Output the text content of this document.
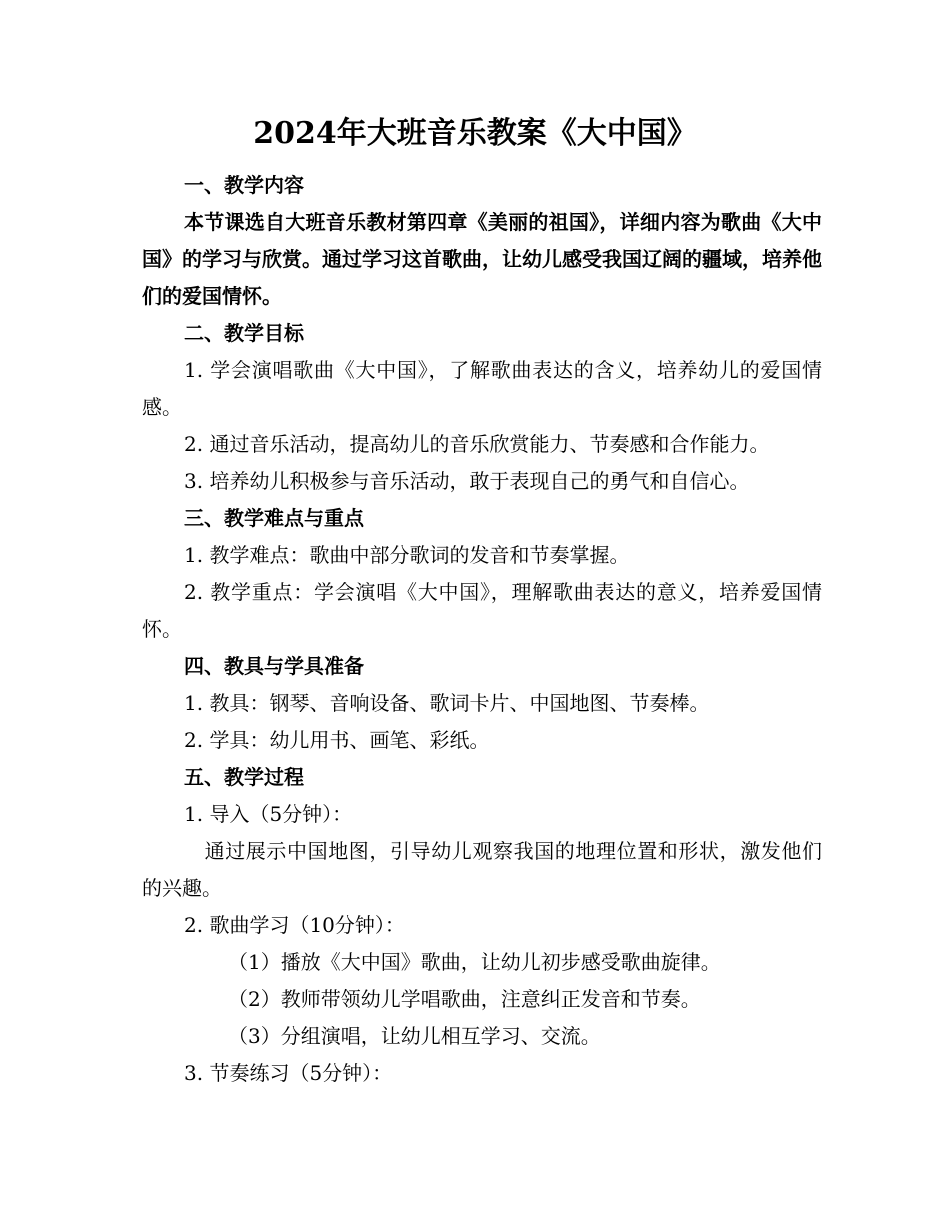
2024年大班音乐教案《大中国》

一、教学内容

本节课选自大班音乐教材第四章《美丽的祖国》，详细内容为歌曲《大中国》的学习与欣赏。通过学习这首歌曲，让幼儿感受我国辽阔的疆域，培养他们的爱国情怀。

二、教学目标

1. 学会演唱歌曲《大中国》，了解歌曲表达的含义，培养幼儿的爱国情感。

2. 通过音乐活动，提高幼儿的音乐欣赏能力、节奏感和合作能力。

3. 培养幼儿积极参与音乐活动，敢于表现自己的勇气和自信心。

三、教学难点与重点

1. 教学难点：歌曲中部分歌词的发音和节奏掌握。

2. 教学重点：学会演唱《大中国》，理解歌曲表达的意义，培养爱国情怀。

四、教具与学具准备

1. 教具：钢琴、音响设备、歌词卡片、中国地图、节奏棒。

2. 学具：幼儿用书、画笔、彩纸。

五、教学过程

1. 导入（5分钟）：

　通过展示中国地图，引导幼儿观察我国的地理位置和形状，激发他们的兴趣。

2. 歌曲学习（10分钟）：

（1）播放《大中国》歌曲，让幼儿初步感受歌曲旋律。

（2）教师带领幼儿学唱歌曲，注意纠正发音和节奏。

（3）分组演唱，让幼儿相互学习、交流。

3. 节奏练习（5分钟）：
